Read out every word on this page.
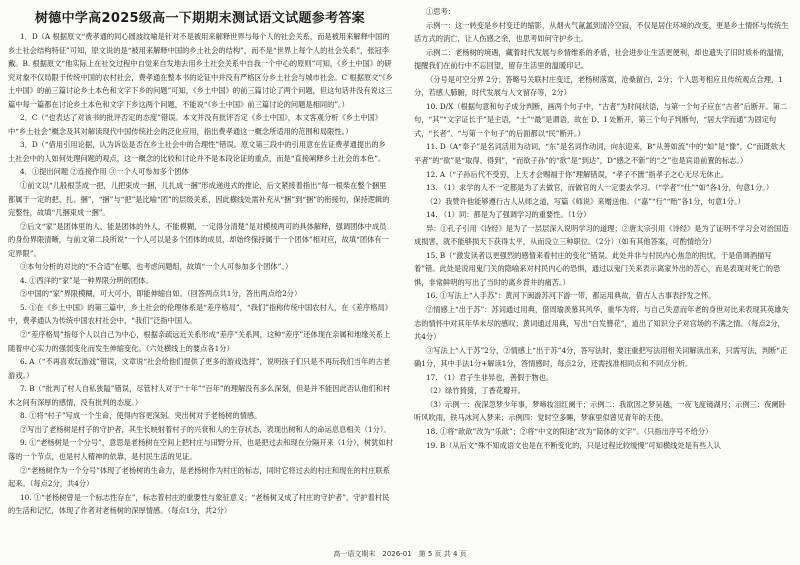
树德中学高2025级高一下期期末测试语文试题参考答案

1．D（A 根据原文“费孝通的同心圆波纹喻是针对不是被用来解释世界与每个人的社会关系，而是被用来解释中国的乡土社会结构特征”可知，原文说的是“被用来解释中国的乡土社会的结构”，而不是“世界上每个人的社会关系”，张冠李戴。B. 根据原文“他实际上在社交过程中自觉来自发地去用乡土社会关系中自我一个中心的原则”可知，《乡土中国》的研究对象不仅局限于传统中国的农村社会，费孝通在整本书的论证中并没有严格区分乡土社会与城市社会。C 根据原文“《乡土中国》的前三篇讨论乡土本色和文字下乡的问题”可知，《乡土中国》的前三篇讨论了两个问题，但这句话并没有说这三篇中每一篇都在讨论乡土本色和文字下乡这两个问题，不能说“《乡土中国》前三篇讨论的问题是相同的”。）

2．C（“也表达了对该书的批评否定的态度”错误。本文并没有批评否定《乡土中国》，本文客观分析《乡土中国》中“乡土社会”概念及其对解读现代中国传统社会的泛化应用，指出费孝通这一概念所适用的范围和局限性。）

3．D（“借用引用论据，认为诉讼是否在乡土社会中的合理性”错误。原文第三段中的引用意在佐证费孝通提出的乡土社会中的人如何处理问题的观点，这一概念的比较和讨论并不是本段论证的重点，而是“直接阐释乡土社会的本色”。

4．①提出问题 ②连接作用 ③一个人可参加多个团体

①前文以“儿般根茎成一把，儿把束成一捆，儿扎成一捆”形成递进式的推论，后文紧接着指出“每一根柴在整个捆里都属于一定的把、扎、捆”，“捆”与“把”是比喻“团”的层级关系，因此横线处需补充从“捆”到“捆”的衔接句，保持逻辑的完整性，故填“几捆束成一捆”。

②后文“家”是团体里的人，能是团体的外人，不能模糊，一定得分清楚”是对模棱两可的具体解释，强调团体中成员的身份界限清晰，与前文第二段所说“一个人可以是多个团体的成员，却始终保持属于一个团体”相对应，故填“团体有一定界限”。

③本句分析的对比的“不合适”在哪，也考虑问题组，故填“一个人可参加多个团体”。）

4. ①西洋的“家”是一种界限分明的团体。

②中国的“家”界限模糊，可大可小，即能伸缩自如。（回答两点共1分，答出两点给2分）

5. ①在《乡土中国》的第三篇中，乡土社会的伦理体系是“差序格局”，“我们”指称传统中国农村人，在《差序格局》中，费孝通认为传统中国农村社会中，“我们”泛指中国人。

②“差序格局”指每个人以自己为中心，根据亲疏远近关系形成“差序”关系网，这种“差序”还体现在亲属和地缘关系上随着中心实力的强弱变化而发生伸缩变化。（六处横线上的要点各1分）

6. A（“不再喜欢玩游戏”错误，文章说“社会给他们提供了更多的游戏选择”，说明孩子们只是不再玩我们当年的古老游戏。）

7. B（“批判了村人自私狭隘”错误，尽管村人对于“十年”“百年”的理解没有多么深刻，但是并不能因此否认他们和村木之间有深厚的感情，没有批判的态度。）

8. ①将“村子”写成一个生命，使得内容更深刻。突出树对于老杨树的情感。

②写出了老杨树是村子的守护者，其生长映射着村子的兴衰和人的生存状态，表现出树和人的命运息息相关（1分）。

9. ①“老杨树是一个分号”，意思是老杨树在空间上把村庄与田野分开，也是把过去和现在分隔开来（1分），树犹如村落的一个节点，也是村人精神的依靠，是村民生活的见证。

②“老杨树作为一个分号”体现了老杨树的生命力，是老杨树作为村庄的标志，同时它将过去的村庄和现在的村庄联系起来。（每点2分，共4分）

10. ①“老杨树曾是一个标志性存在”，标志着村庄的重要性与象征意义；“老杨树又成了村庄的守护者”，守护着村民的生活和记忆，体现了作者对老杨树的深厚情感。（每点1分，共2分）

①思考：

示例一：这一转变是乡村变迁的缩影，从烟火气氤氲到清冷空寂，不仅是居住环境的改变，更是乡土情怀与传统生活方式的消亡，让人伤感之余，也思考如何守护乡土。

示例二：老杨树的境遇，藏着时代发展与乡情维系的矛盾，社会进步让生活更便利，却也遗失了旧时质朴的温情，提醒我们在前行中不忘回望，留存生活里的温暖印记。

（分号是可空分界 2分；答略号关联村庄变迁，老杨树落寞，沧桑留白，2分；个人思考相应且传统观点合理，1分，若感人肺腑，时代发展与人文留存等，2分）

10. D/X（根据句意和句子成分判断，画两个句子中，“古者”为时间状语，与第一个句子应在“古者”后断开。第二句，“其”“文字证长于”是主语，“士”“最”是谓语，故在 D、I 处断开，第三个句子判断句，“居大学而通”为固定句式，“长者”、“与第一个句子”的后面都以“民”断开。）

11. D（A“奉子”是名词活用为动词，“东”是名词作动词，向东迎来，B“从善如流”中的“如”是“像”，C“而既欲大平者”的“欲”是“取得、得到”，“而欲子孙”的“欲”是“到达”，D“感之不新”的“之”也是宾语前置的标志。）

12. A（“子孙后代不受穷，上天才会赐福于你”理解错误，“孝子不匮”指孝子之心无尽无休止。

13. （1）求学的人不一定都是为了去做官，而做官的人一定要去学习。（“学者”“仕”“如”各1分，句意1分。）

（2）我赞许他能够遵行古人从师之道，写篇《师说》来赠送他。（“嘉”“行”“贻”各1分，句意1分。）

14. （1）同：都是为了强调学习的重要性。（1分）

异：①孔子引用《诗经》是为了一层层深入说明学习的道理；②唐太宗引用《诗经》是为了证明不学习会对治国造成损害，就不能够损天下获得太平，从而设立三种职位。（2分）（如有其他答案，可酌情给分）

15. B（“激发读者以更强烈的感情来看村庄的变化”错误。此处并非与村民内心焦急的担忧，于是借调酒描写着”错。此处是说用鬼门关的隐喻来对村民内心的恐惧，通过以鬼门关来表示离家外出的苦心，而是表现对死亡的恐惧，非常鲜明的写出了当时的离乡背井的痛苦。）

16. ①写法上“入手苏”：黄河下闽游苏河下游一带，都运用典故，借古人古事表抒发之怀。

②情感上“出于苏”：苏词通过用典，借周瑜羡慕其风华，重华为将，与自己失意而年老的身世对比来表现其英雄失志的情怀中对其年华未尽的感叹；黄词通过用典，写出“白发簪花”，道出了知识分子对官场的不满之情。（每点2分，共4分）

③写法上“入于苏”2分，②情感上“出于苏”4分，答写法时，要注重把写法用相关词解读出来，只需写法，判断“正确1分，其中手法1分+解读1分，答情感时，每点2分，还需找准相同点和不同点分析。

17. （1）君子生非异也，善假于物也。

（2）绿竹猗猗，丁香花瓣开。

（3）示例一：夜深忽梦少年事，梦啼妆泪红阑干；示例二：我欲因之梦吴越，一夜飞度镜湖月；示例三：夜阑卧听风吹雨，铁马冰河入梦来；示例四：觉时空多睡，梦寐里似曾见青年的天使。

18. ①将“歆歆”改为“乐歆”；②将“中文的阳途”改为“简体的文字”。（只指出序号不给分）

19. B（从后文“殊不知成语文也是在不断变化的，只是过程比较缓慢”可知横线处是有些人认

高一语文期末　2026-01　第 5 页 共 4 页
